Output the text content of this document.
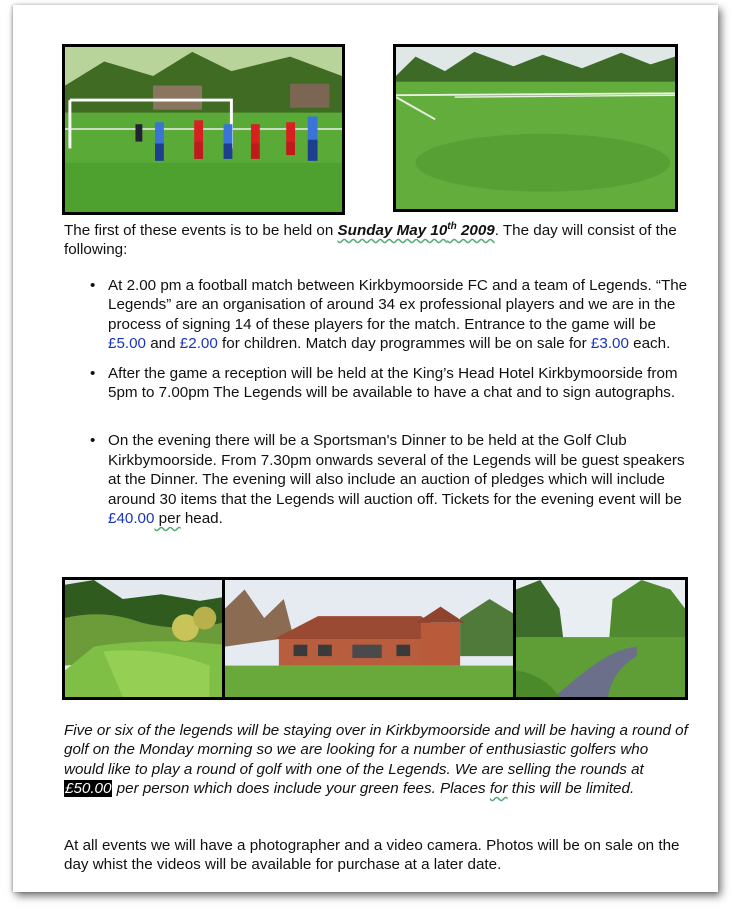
The first of these events is to be held on Sunday May 10th 2009. The day will consist of the following:
• At 2.00 pm a football match between Kirkbymoorside FC and a team of Legends. “The Legends” are an organisation of around 34 ex professional players and we are in the process of signing 14 of these players for the match. Entrance to the game will be £5.00 and £2.00 for children. Match day programmes will be on sale for £3.00 each.
• After the game a reception will be held at the King’s Head Hotel Kirkbymoorside from 5pm to 7.00pm The Legends will be available to have a chat and to sign autographs.
• On the evening there will be a Sportsman's Dinner to be held at the Golf Club Kirkbymoorside. From 7.30pm onwards several of the Legends will be guest speakers at the Dinner. The evening will also include an auction of pledges which will include around 30 items that the Legends will auction off. Tickets for the evening event will be £40.00 per head.
Five or six of the legends will be staying over in Kirkbymoorside and will be having a round of golf on the Monday morning so we are looking for a number of enthusiastic golfers who would like to play a round of golf with one of the Legends. We are selling the rounds at £50.00 per person which does include your green fees. Places for this will be limited.
At all events we will have a photographer and a video camera. Photos will be on sale on the day whist the videos will be available for purchase at a later date.
